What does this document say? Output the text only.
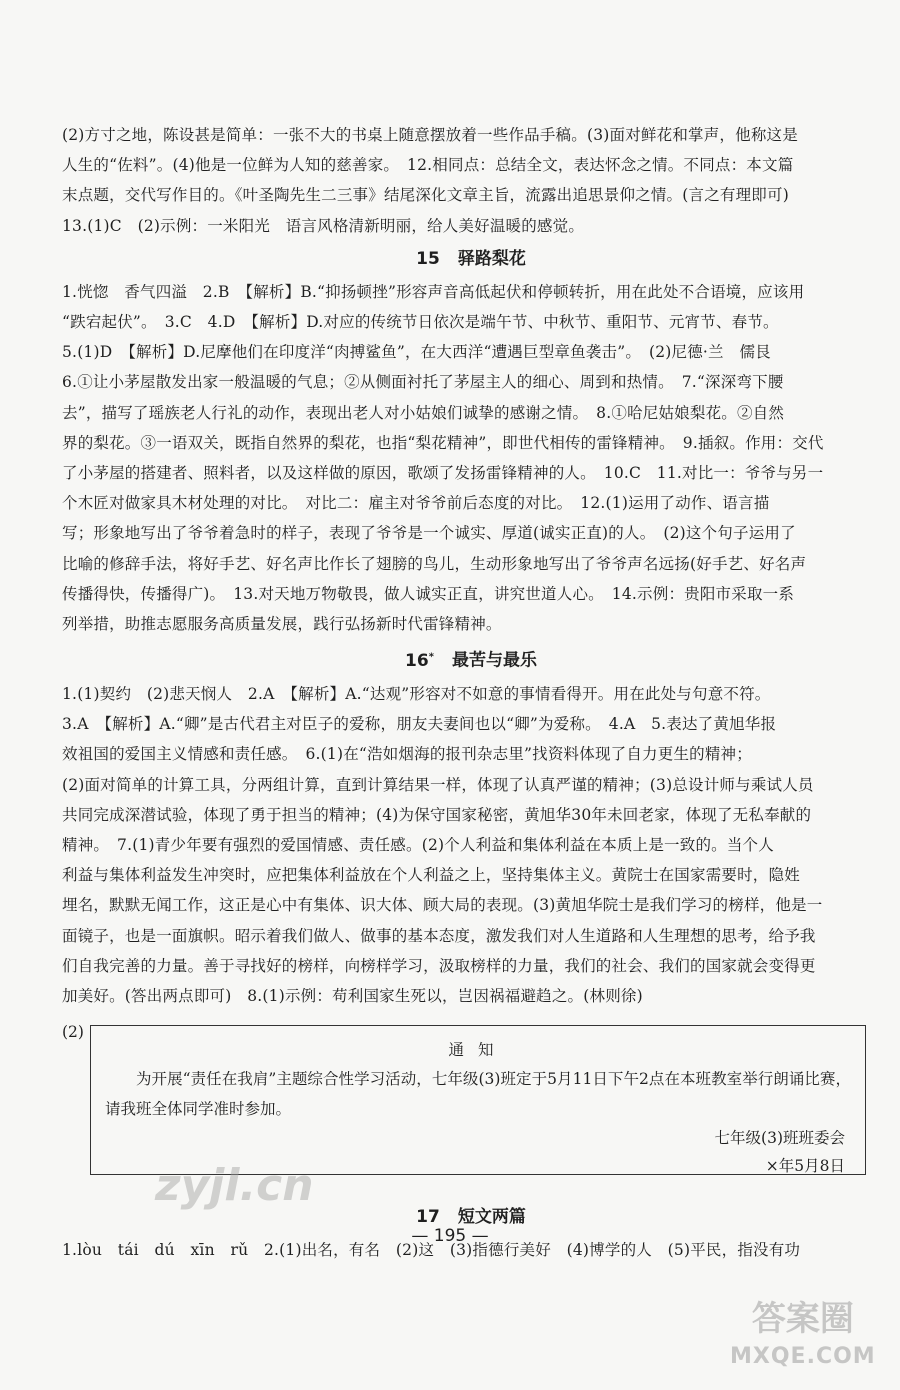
(2)方寸之地，陈设甚是简单：一张不大的书桌上随意摆放着一些作品手稿。(3)面对鲜花和掌声，他称这是

人生的“佐料”。(4)他是一位鲜为人知的慈善家。　12.相同点：总结全文，表达怀念之情。不同点：本文篇

末点题，交代写作目的。《叶圣陶先生二三事》结尾深化文章主旨，流露出追思景仰之情。(言之有理即可)

13.(1)C　(2)示例：一米阳光　语言风格清新明丽，给人美好温暖的感觉。

15 驿路梨花

1.恍惚　香气四溢　2.B　【解析】B.“抑扬顿挫”形容声音高低起伏和停顿转折，用在此处不合语境，应该用

“跌宕起伏”。　3.C　4.D　【解析】D.对应的传统节日依次是端午节、中秋节、重阳节、元宵节、春节。

5.(1)D　【解析】D.尼摩他们在印度洋“肉搏鲨鱼”，在大西洋“遭遇巨型章鱼袭击”。　(2)尼德·兰　儒艮

6.①让小茅屋散发出家一般温暖的气息；②从侧面衬托了茅屋主人的细心、周到和热情。　7.“深深弯下腰

去”，描写了瑶族老人行礼的动作，表现出老人对小姑娘们诚挚的感谢之情。　8.①哈尼姑娘梨花。②自然

界的梨花。③一语双关，既指自然界的梨花，也指“梨花精神”，即世代相传的雷锋精神。　9.插叙。作用：交代

了小茅屋的搭建者、照料者，以及这样做的原因，歌颂了发扬雷锋精神的人。　10.C　11.对比一：爷爷与另一

个木匠对做家具木材处理的对比。　对比二：雇主对爷爷前后态度的对比。　12.(1)运用了动作、语言描

写；形象地写出了爷爷着急时的样子，表现了爷爷是一个诚实、厚道(诚实正直)的人。　(2)这个句子运用了

比喻的修辞手法，将好手艺、好名声比作长了翅膀的鸟儿，生动形象地写出了爷爷声名远扬(好手艺、好名声

传播得快，传播得广)。　13.对天地万物敬畏，做人诚实正直，讲究世道人心。　14.示例：贵阳市采取一系

列举措，助推志愿服务高质量发展，践行弘扬新时代雷锋精神。

16* 最苦与最乐

1.(1)契约　(2)悲天悯人　2.A　【解析】A.“达观”形容对不如意的事情看得开。用在此处与句意不符。

3.A　【解析】A.“卿”是古代君主对臣子的爱称，朋友夫妻间也以“卿”为爱称。　4.A　5.表达了黄旭华报

效祖国的爱国主义情感和责任感。　6.(1)在“浩如烟海的报刊杂志里”找资料体现了自力更生的精神；

(2)面对简单的计算工具，分两组计算，直到计算结果一样，体现了认真严谨的精神；(3)总设计师与乘试人员

共同完成深潜试验，体现了勇于担当的精神；(4)为保守国家秘密，黄旭华30年未回老家，体现了无私奉献的

精神。　7.(1)青少年要有强烈的爱国情感、责任感。(2)个人利益和集体利益在本质上是一致的。当个人

利益与集体利益发生冲突时，应把集体利益放在个人利益之上，坚持集体主义。黄院士在国家需要时，隐姓

埋名，默默无闻工作，这正是心中有集体、识大体、顾大局的表现。(3)黄旭华院士是我们学习的榜样，他是一

面镜子，也是一面旗帜。昭示着我们做人、做事的基本态度，激发我们对人生道路和人生理想的思考，给予我

们自我完善的力量。善于寻找好的榜样，向榜样学习，汲取榜样的力量，我们的社会、我们的国家就会变得更

加美好。(答出两点即可)　8.(1)示例：苟利国家生死以，岂因祸福避趋之。(林则徐)

(2)
通知

为开展“责任在我肩”主题综合性学习活动，七年级(3)班定于5月11日下午2点在本班教室举行朗诵比赛，请我班全体同学准时参加。

七年级(3)班班委会
×年5月8日
17 短文两篇

1.lòu　tái　dú　xīn　rǔ　2.(1)出名，有名　(2)这　(3)指德行美好　(4)博学的人　(5)平民，指没有功

— 195 —
zyjl.cn
答案圈
MXQE.COM
